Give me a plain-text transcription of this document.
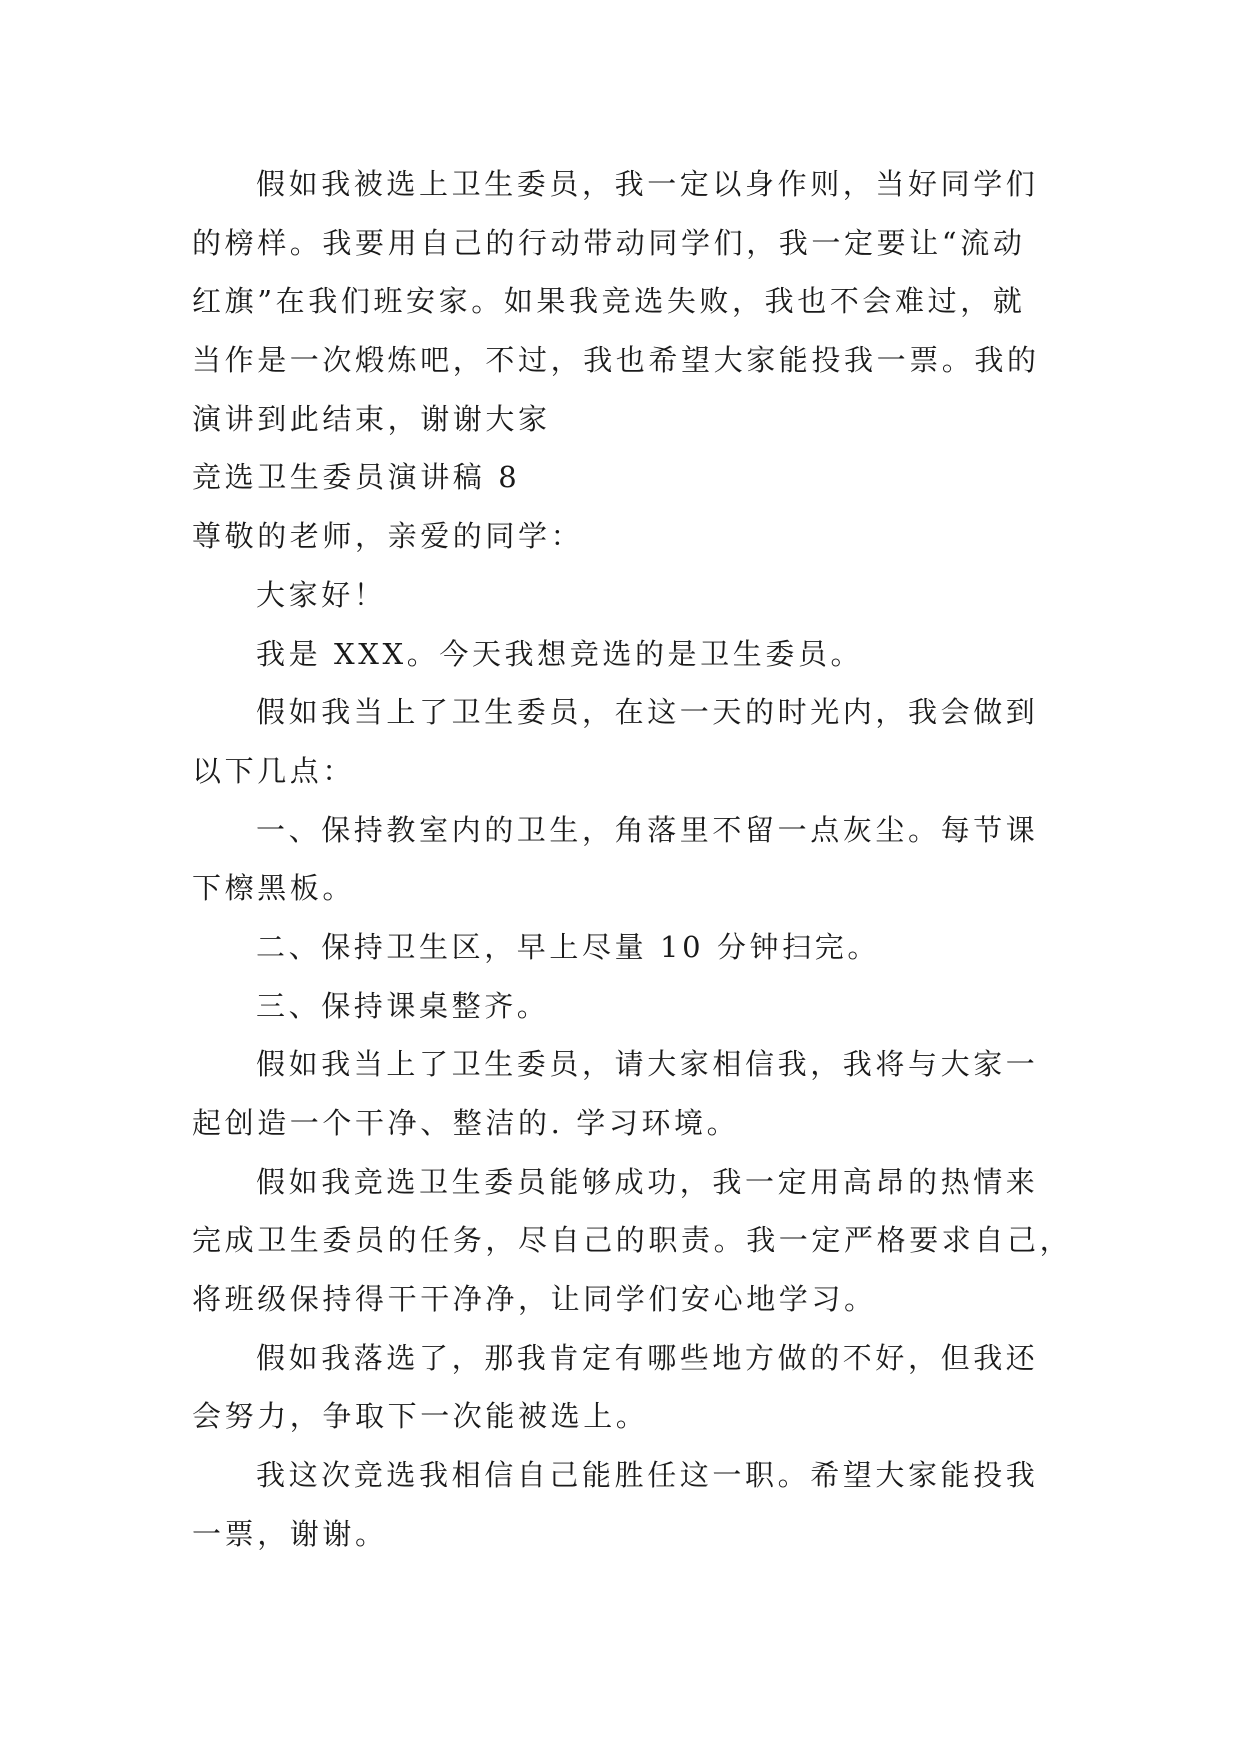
假如我被选上卫生委员，我一定以身作则，当好同学们
的榜样。我要用自己的行动带动同学们，我一定要让“流动
红旗”在我们班安家。如果我竞选失败，我也不会难过，就
当作是一次煅炼吧，不过，我也希望大家能投我一票。我的
演讲到此结束，谢谢大家
竞选卫生委员演讲稿 8
尊敬的老师，亲爱的同学：
大家好！
我是 XXX。今天我想竞选的是卫生委员。
假如我当上了卫生委员，在这一天的时光内，我会做到
以下几点：
一、保持教室内的卫生，角落里不留一点灰尘。每节课
下檫黑板。
二、保持卫生区，早上尽量 10 分钟扫完。
三、保持课桌整齐。
假如我当上了卫生委员，请大家相信我，我将与大家一
起创造一个干净、整洁的. 学习环境。
假如我竞选卫生委员能够成功，我一定用高昂的热情来
完成卫生委员的任务，尽自己的职责。我一定严格要求自己，
将班级保持得干干净净，让同学们安心地学习。
假如我落选了，那我肯定有哪些地方做的不好，但我还
会努力，争取下一次能被选上。
我这次竞选我相信自己能胜任这一职。希望大家能投我
一票，谢谢。
